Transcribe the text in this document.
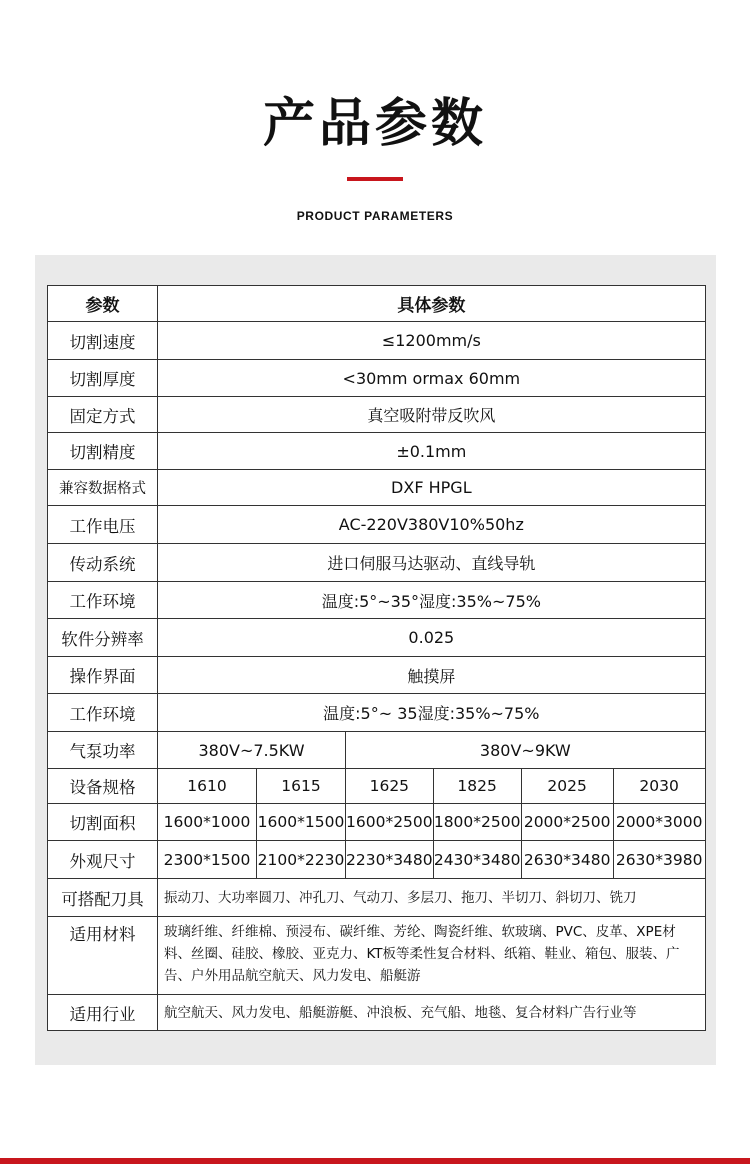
产品参数
PRODUCT PARAMETERS
参数	具体参数					
切割速度	≤1200mm/s					
切割厚度	<30mm ormax 60mm					
固定方式	真空吸附带反吹风					
切割精度	±0.1mm					
兼容数据格式	DXF HPGL					
工作电压	AC-220V380V10%50hz					
传动系统	进口伺服马达驱动、直线导轨					
工作环境	温度:5°~35°湿度:35%~75%					
软件分辨率	0.025					
操作界面	触摸屏					
工作环境	温度:5°~ 35湿度:35%~75%					
气泵功率	380V~7.5KW		380V~9KW			
设备规格	1610	1615	1625	1825	2025	2030
切割面积	1600*1000	1600*1500	1600*2500	1800*2500	2000*2500	2000*3000
外观尺寸	2300*1500	2100*2230	2230*3480	2430*3480	2630*3480	2630*3980
可搭配刀具	振动刀、大功率圆刀、冲孔刀、气动刀、多层刀、拖刀、半切刀、斜切刀、铣刀					
适用材料	玻璃纤维、纤维棉、预浸布、碳纤维、芳纶、陶瓷纤维、软玻璃、PVC、皮革、XPE材料、丝圈、硅胶、橡胶、亚克力、KT板等柔性复合材料、纸箱、鞋业、箱包、服装、广告、户外用品航空航天、风力发电、船艇游					
适用行业	航空航天、风力发电、船艇游艇、冲浪板、充气船、地毯、复合材料广告行业等					
